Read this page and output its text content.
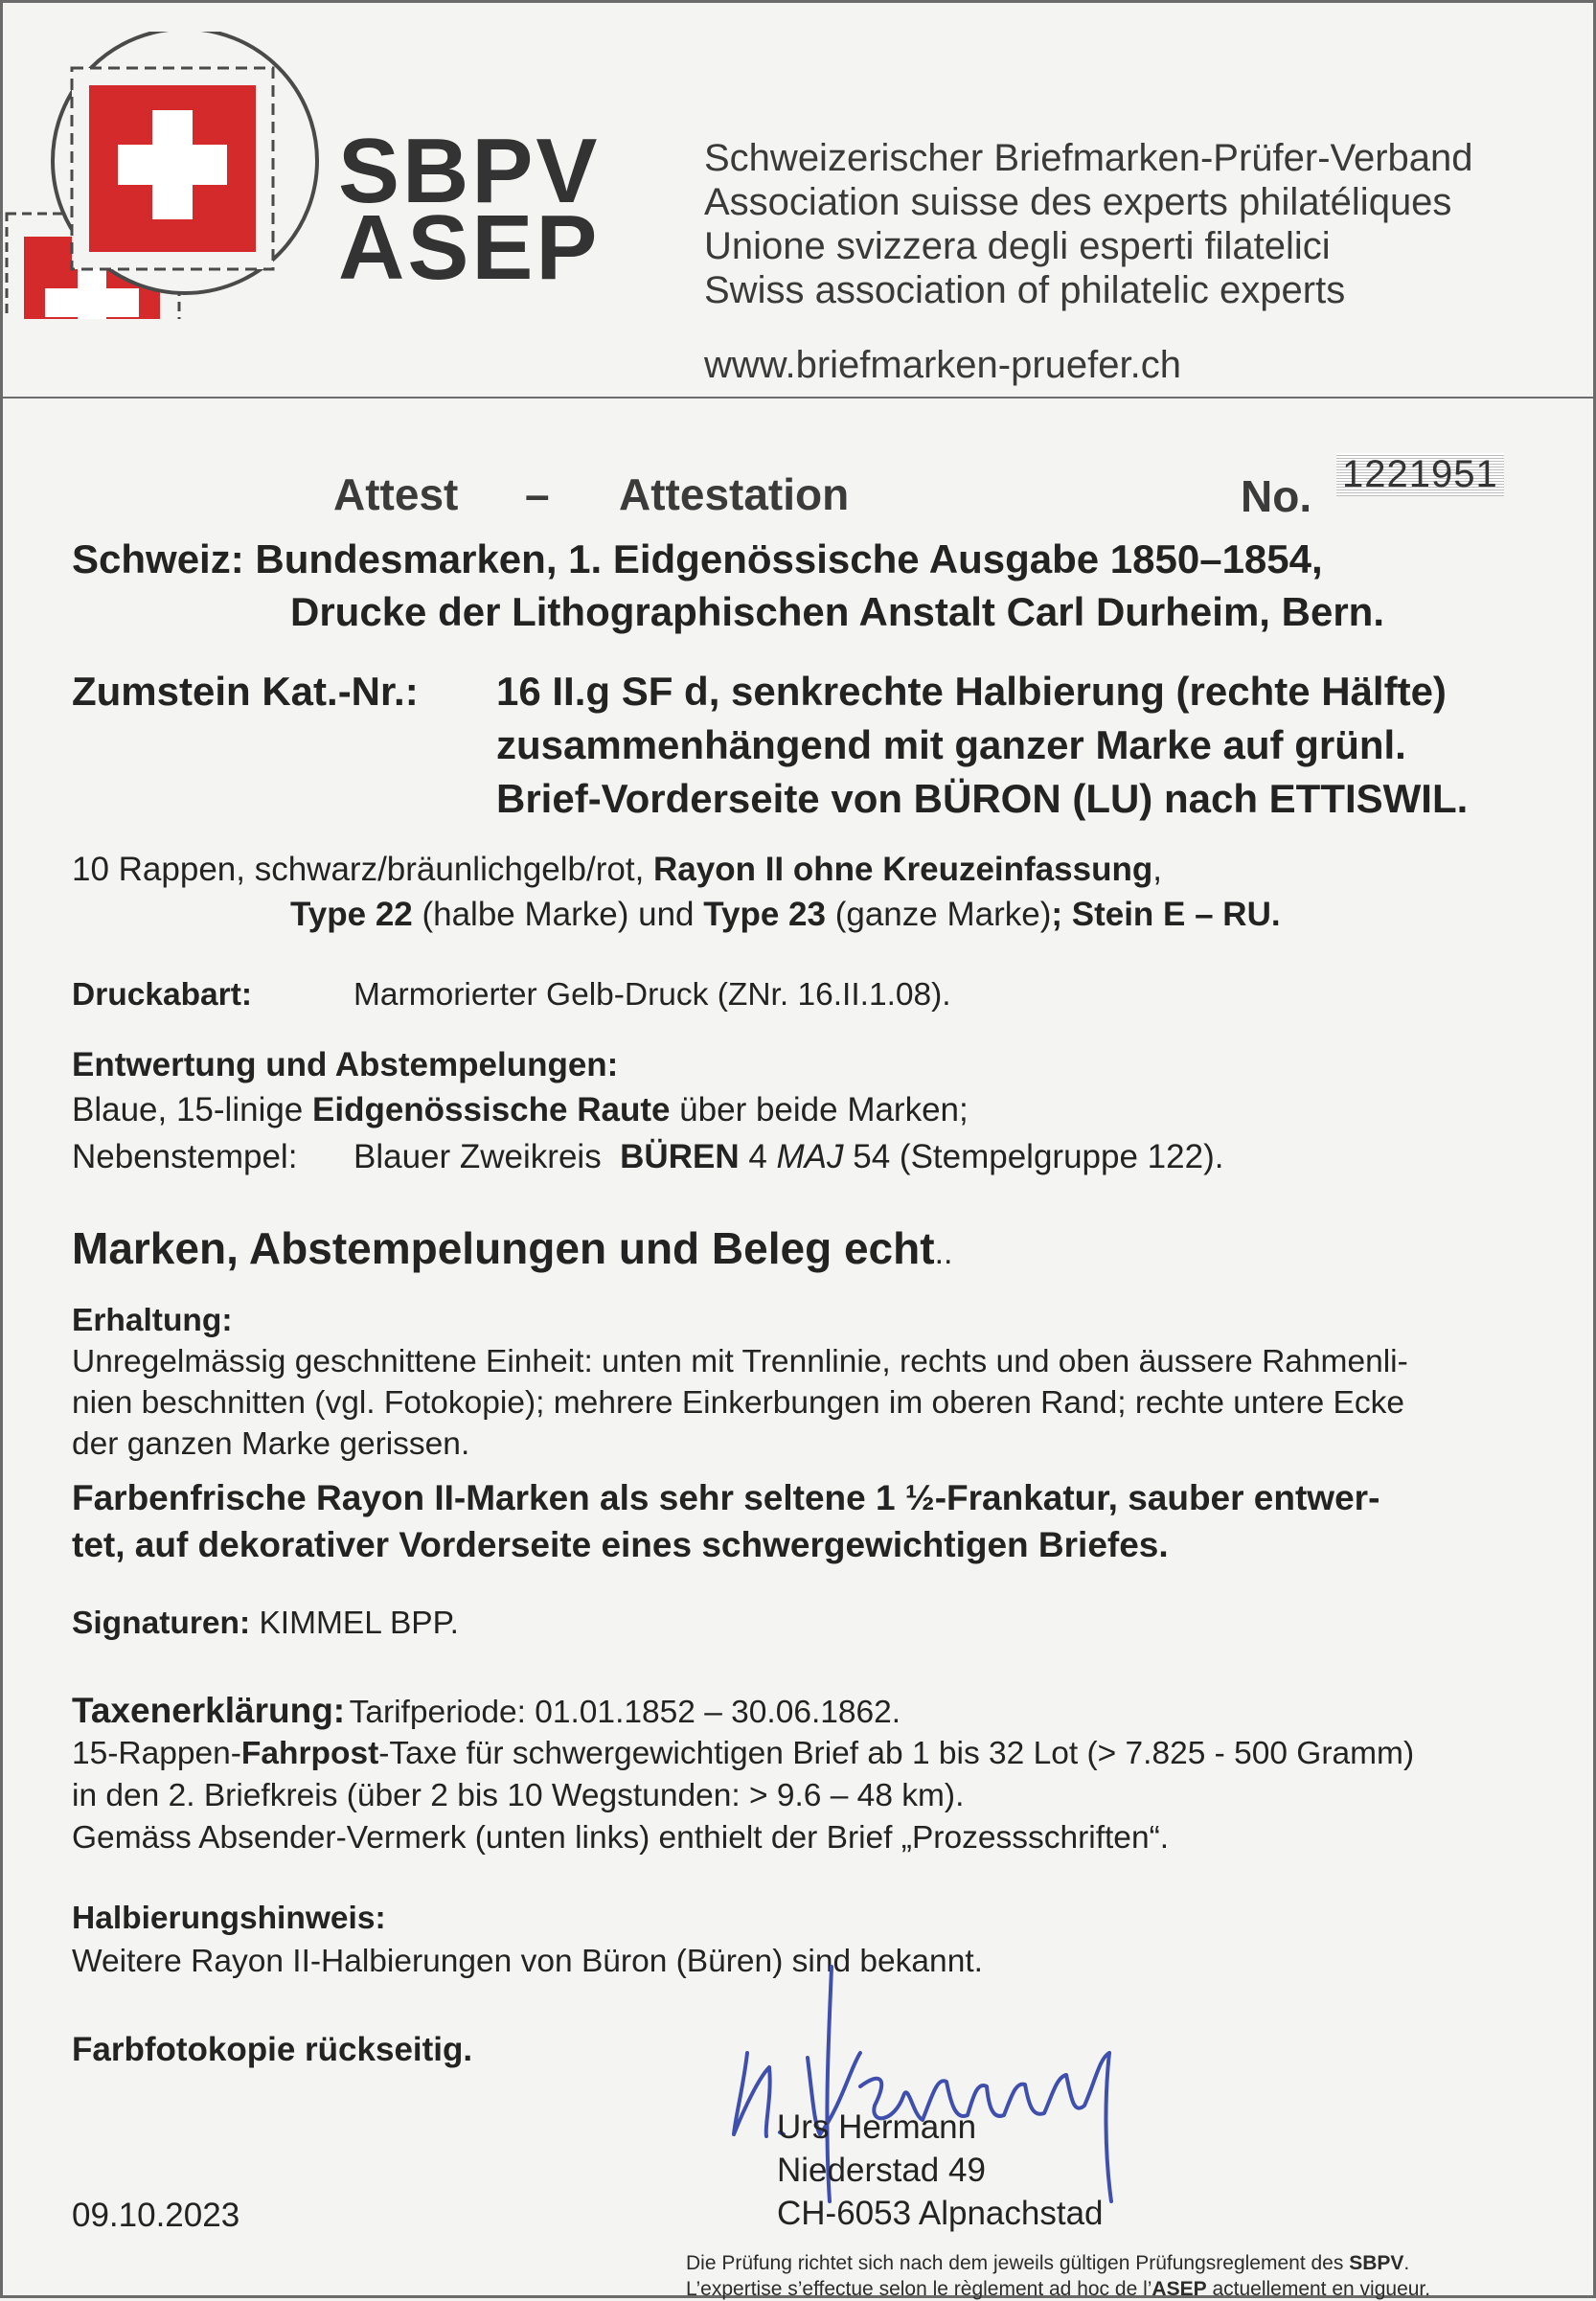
SBPV
ASEP
Schweizerischer Briefmarken-Prüfer-Verband
Association suisse des experts philatéliques
Unione svizzera degli esperti filatelici
Swiss association of philatelic experts
www.briefmarken-pruefer.ch
Attest – Attestation	No. 1221951
Schweiz: Bundesmarken, 1. Eidgenössische Ausgabe 1850–1854,
Drucke der Lithographischen Anstalt Carl Durheim, Bern.
Zumstein Kat.-Nr.: 16 II.g SF d, senkrechte Halbierung (rechte Hälfte)
zusammenhängend mit ganzer Marke auf grünl.
Brief-Vorderseite von BÜRON (LU) nach ETTISWIL.
10 Rappen, schwarz/bräunlichgelb/rot, Rayon II ohne Kreuzeinfassung,
Type 22 (halbe Marke) und Type 23 (ganze Marke); Stein E – RU.
Druckabart:	Marmorierter Gelb-Druck (ZNr. 16.II.1.08).
Entwertung und Abstempelungen:
Blaue, 15-linige Eidgenössische Raute über beide Marken;
Nebenstempel: Blauer Zweikreis BÜREN 4 MAJ 54 (Stempelgruppe 122).
Marken, Abstempelungen und Beleg echt..
Erhaltung:
Unregelmässig geschnittene Einheit: unten mit Trennlinie, rechts und oben äussere Rahmenli-
nien beschnitten (vgl. Fotokopie); mehrere Einkerbungen im oberen Rand; rechte untere Ecke
der ganzen Marke gerissen.
Farbenfrische Rayon II-Marken als sehr seltene 1 ½-Frankatur, sauber entwer-
tet, auf dekorativer Vorderseite eines schwergewichtigen Briefes.
Signaturen: KIMMEL BPP.
Taxenerklärung: Tarifperiode: 01.01.1852 – 30.06.1862.
15-Rappen-Fahrpost-Taxe für schwergewichtigen Brief ab 1 bis 32 Lot (> 7.825 - 500 Gramm)
in den 2. Briefkreis (über 2 bis 10 Wegstunden: > 9.6 – 48 km).
Gemäss Absender-Vermerk (unten links) enthielt der Brief „Prozessschriften“.
Halbierungshinweis:
Weitere Rayon II-Halbierungen von Büron (Büren) sind bekannt.
Farbfotokopie rückseitig.
Urs Hermann
Niederstad 49
CH-6053 Alpnachstad
09.10.2023
Die Prüfung richtet sich nach dem jeweils gültigen Prüfungsreglement des SBPV.
L’expertise s’effectue selon le règlement ad hoc de l’ASEP actuellement en vigueur.
